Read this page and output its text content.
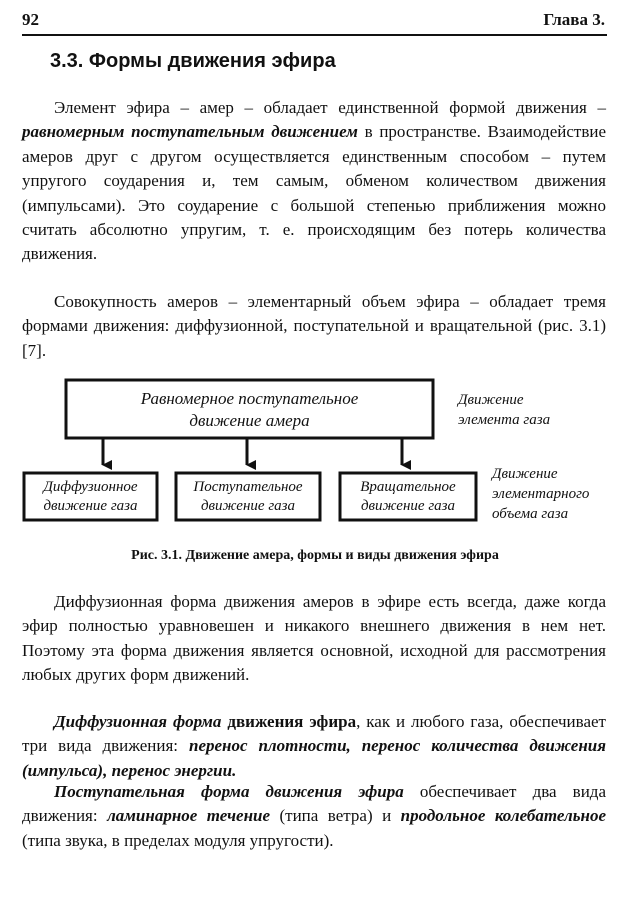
92	Глава 3.
3.3. Формы движения эфира

Элемент эфира – амер – обладает единственной формой движения – равномерным поступательным движением в пространстве. Взаимодействие амеров друг с другом осуществляется единственным способом – путем упругого соударения и, тем самым, обменом количеством движения (импульсами). Это соударение с большой степенью приближения можно считать абсолютно упругим, т. е. происходящим без потерь количества движения.

Совокупность амеров – элементарный объем эфира – обладает тремя формами движения: диффузионной, поступательной и вращательной (рис. 3.1) [7].

Равномерное поступательное
движение амера
Диффузионное
движение газа
Поступательное
движение газа
Вращательное
движение газа
Движение
элемента газа
Движение
элементарного
объема газа
Рис. 3.1. Движение амера, формы и виды движения эфира

Диффузионная форма движения амеров в эфире есть всегда, даже когда эфир полностью уравновешен и никакого внешнего движения в нем нет. Поэтому эта форма движения является основной, исходной для рассмотрения любых других форм движений.

Диффузионная форма движения эфира, как и любого газа, обеспечивает три вида движения: перенос плотности, перенос количества движения (импульса), перенос энергии.

Поступательная форма движения эфира обеспечивает два вида движения: ламинарное течение (типа ветра) и продольное колебательное (типа звука, в пределах модуля упругости).
